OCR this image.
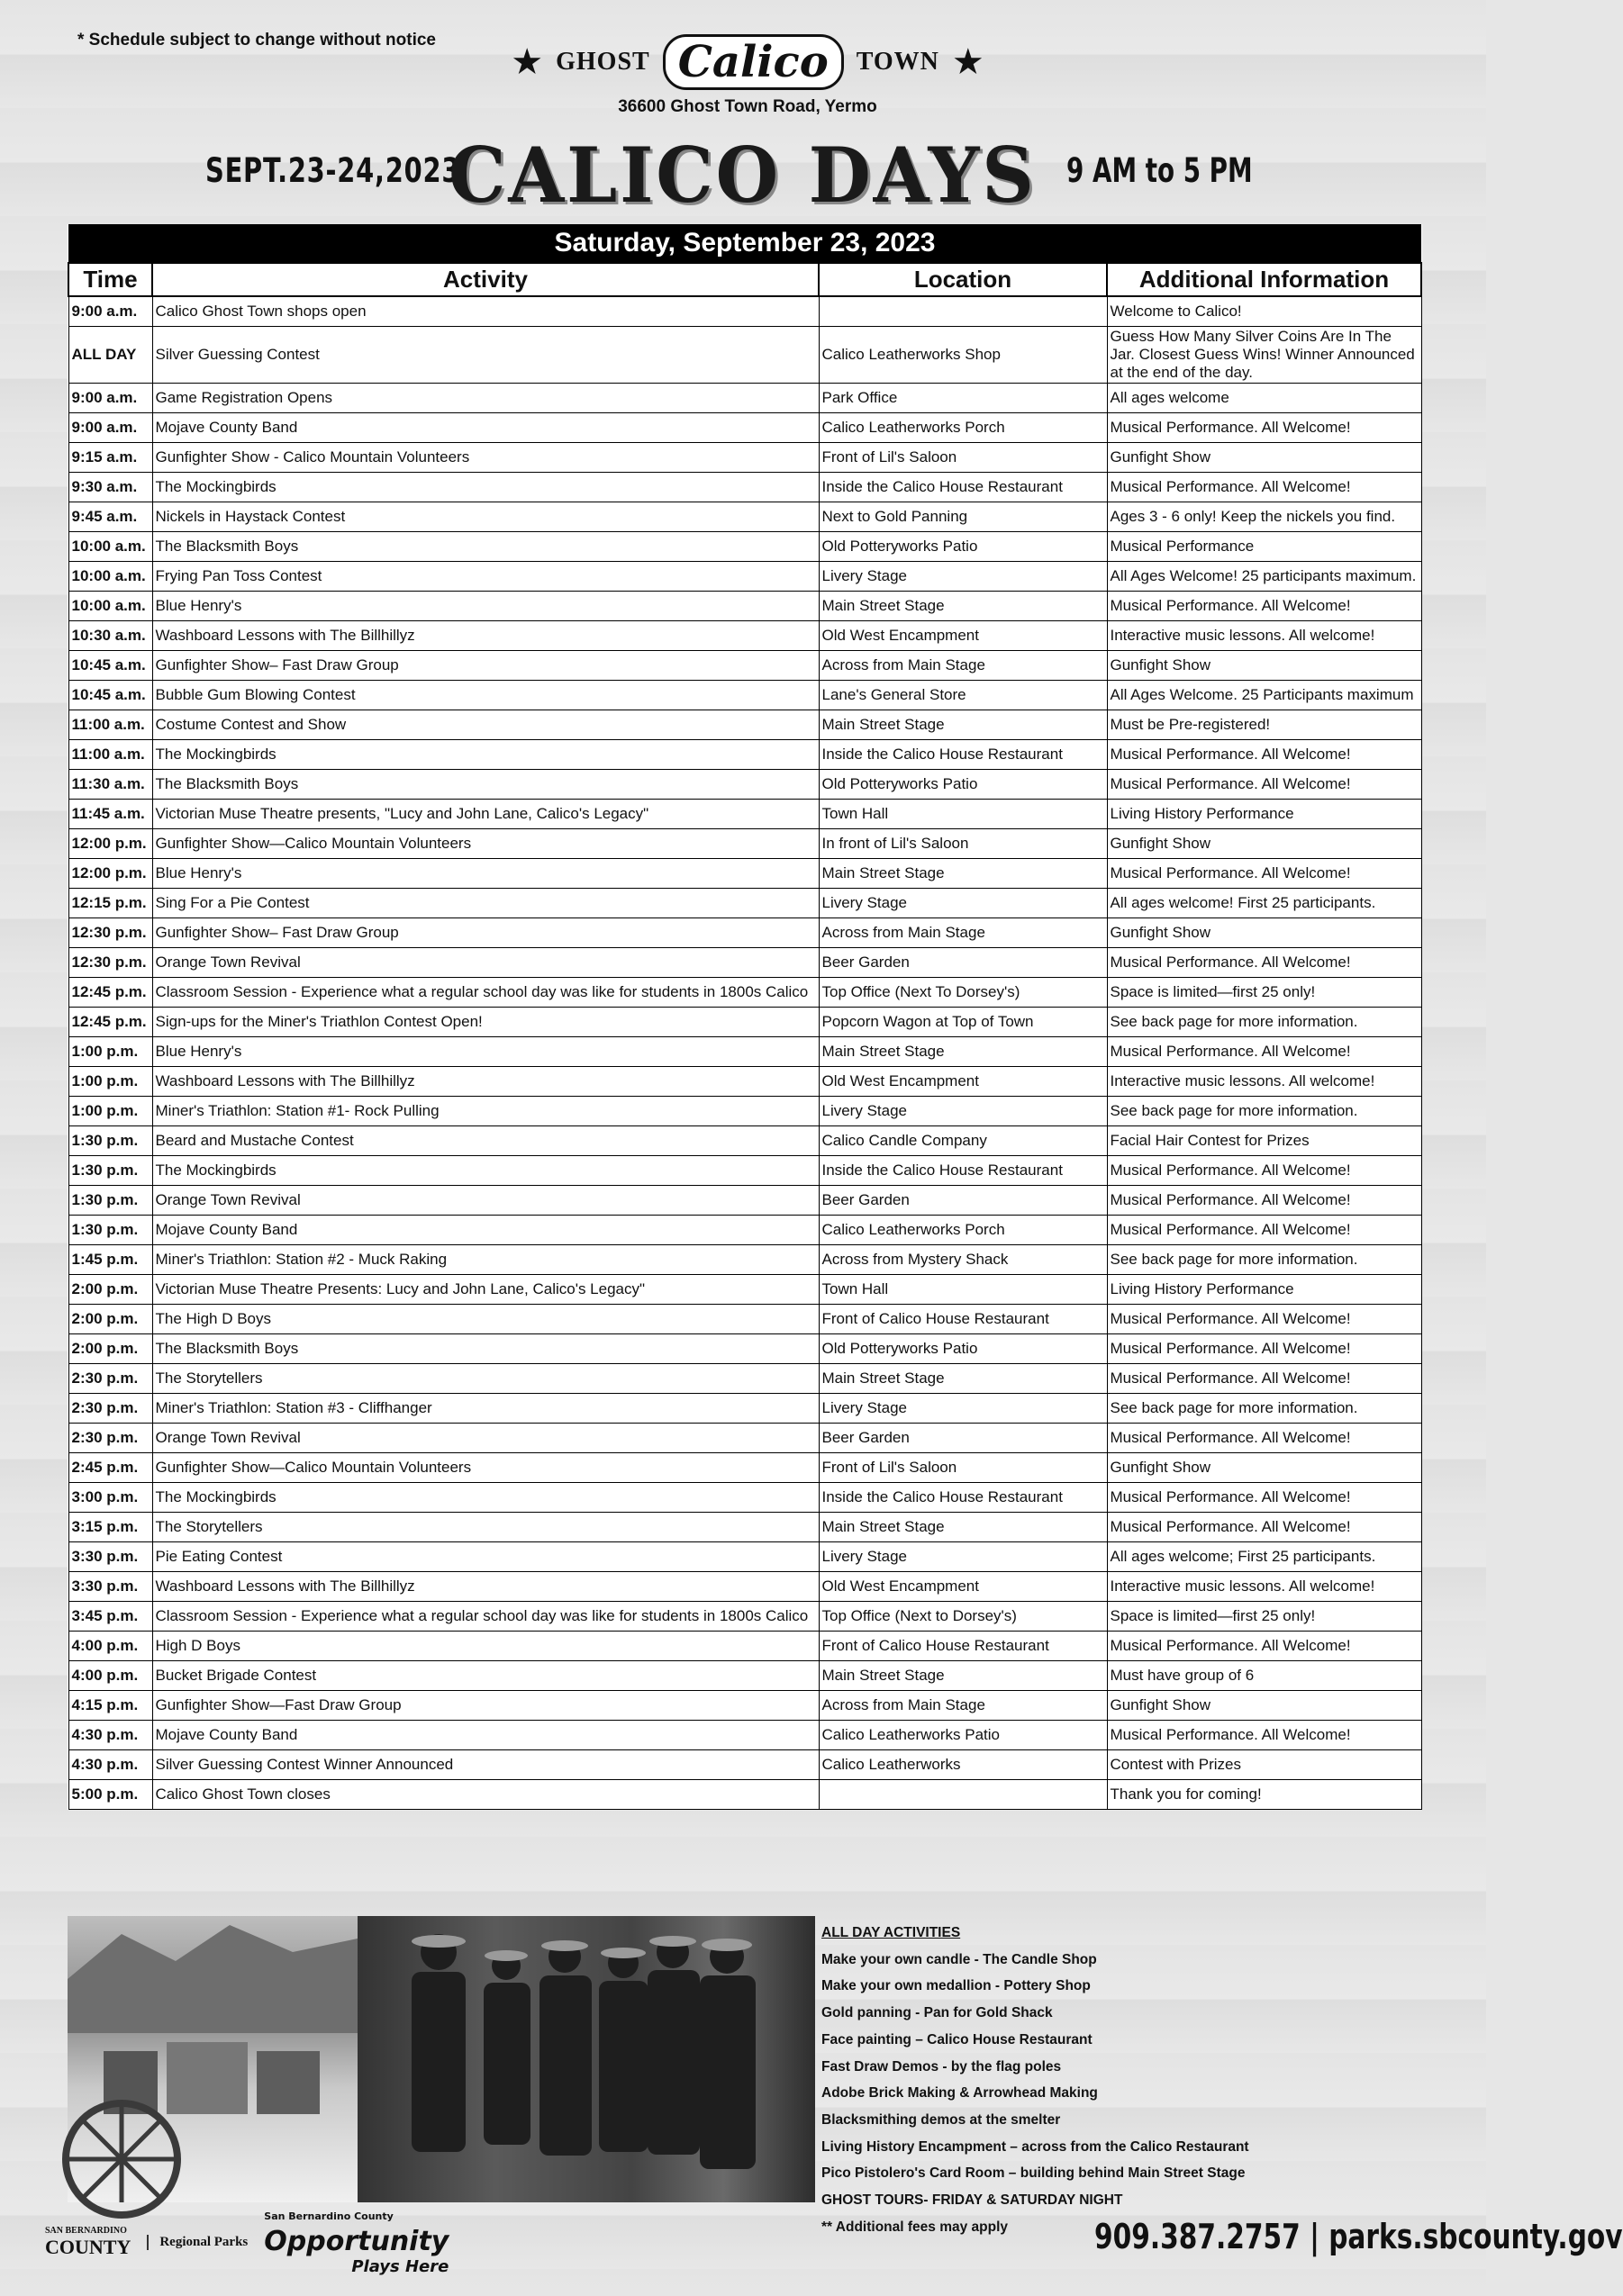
* Schedule subject to change without notice
★ GHOST Calico	TOWN ★
36600 Ghost Town Road, Yermo
SEPT.23-24,2023
CALICO DAYS 9 AM to 5 PM
Saturday, September 23, 2023			
Time	Activity	Location	Additional Information
9:00 a.m.	Calico Ghost Town shops open		Welcome to Calico!
ALL DAY	Silver Guessing Contest	Calico Leatherworks Shop	Guess How Many Silver Coins Are In The Jar. Closest Guess Wins! Winner Announced at the end of the day.
9:00 a.m.	Game Registration Opens	Park Office	All ages welcome
9:00 a.m.	Mojave County Band	Calico Leatherworks Porch	Musical Performance. All Welcome!
9:15 a.m.	Gunfighter Show - Calico Mountain Volunteers	Front of Lil's Saloon	Gunfight Show
9:30 a.m.	The Mockingbirds	Inside the Calico House Restaurant	Musical Performance. All Welcome!
9:45 a.m.	Nickels in Haystack Contest	Next to Gold Panning	Ages 3 - 6 only! Keep the nickels you find.
10:00 a.m.	The Blacksmith Boys	Old Potteryworks Patio	Musical Performance
10:00 a.m.	Frying Pan Toss Contest	Livery Stage	All Ages Welcome! 25 participants maximum.
10:00 a.m.	Blue Henry's	Main Street Stage	Musical Performance. All Welcome!
10:30 a.m.	Washboard Lessons with The Billhillyz	Old West Encampment	Interactive music lessons. All welcome!
10:45 a.m.	Gunfighter Show– Fast Draw Group	Across from Main Stage	Gunfight Show
10:45 a.m.	Bubble Gum Blowing Contest	Lane's General Store	All Ages Welcome. 25 Participants maximum
11:00 a.m.	Costume Contest and Show	Main Street Stage	Must be Pre-registered!
11:00 a.m.	The Mockingbirds	Inside the Calico House Restaurant	Musical Performance. All Welcome!
11:30 a.m.	The Blacksmith Boys	Old Potteryworks Patio	Musical Performance. All Welcome!
11:45 a.m.	Victorian Muse Theatre presents, "Lucy and John Lane, Calico's Legacy"	Town Hall	Living History Performance
12:00 p.m.	Gunfighter Show—Calico Mountain Volunteers	In front of Lil's Saloon	Gunfight Show
12:00 p.m.	Blue Henry's	Main Street Stage	Musical Performance. All Welcome!
12:15 p.m.	Sing For a Pie Contest	Livery Stage	All ages welcome! First 25 participants.
12:30 p.m.	Gunfighter Show– Fast Draw Group	Across from Main Stage	Gunfight Show
12:30 p.m.	Orange Town Revival	Beer Garden	Musical Performance. All Welcome!
12:45 p.m.	Classroom Session - Experience what a regular school day was like for students in 1800s Calico	Top Office (Next To Dorsey's)	Space is limited—first 25 only!
12:45 p.m.	Sign-ups for the Miner's Triathlon Contest Open!	Popcorn Wagon at Top of Town	See back page for more information.
1:00 p.m.	Blue Henry's	Main Street Stage	Musical Performance. All Welcome!
1:00 p.m.	Washboard Lessons with The Billhillyz	Old West Encampment	Interactive music lessons. All welcome!
1:00 p.m.	Miner's Triathlon: Station #1- Rock Pulling	Livery Stage	See back page for more information.
1:30 p.m.	Beard and Mustache Contest	Calico Candle Company	Facial Hair Contest for Prizes
1:30 p.m.	The Mockingbirds	Inside the Calico House Restaurant	Musical Performance. All Welcome!
1:30 p.m.	Orange Town Revival	Beer Garden	Musical Performance. All Welcome!
1:30 p.m.	Mojave County Band	Calico Leatherworks Porch	Musical Performance. All Welcome!
1:45 p.m.	Miner's Triathlon: Station #2 - Muck Raking	Across from Mystery Shack	See back page for more information.
2:00 p.m.	Victorian Muse Theatre Presents: Lucy and John Lane, Calico's Legacy"	Town Hall	Living History Performance
2:00 p.m.	The High D Boys	Front of Calico House Restaurant	Musical Performance. All Welcome!
2:00 p.m.	The Blacksmith Boys	Old Potteryworks Patio	Musical Performance. All Welcome!
2:30 p.m.	The Storytellers	Main Street Stage	Musical Performance. All Welcome!
2:30 p.m.	Miner's Triathlon: Station #3 - Cliffhanger	Livery Stage	See back page for more information.
2:30 p.m.	Orange Town Revival	Beer Garden	Musical Performance. All Welcome!
2:45 p.m.	Gunfighter Show—Calico Mountain Volunteers	Front of Lil's Saloon	Gunfight Show
3:00 p.m.	The Mockingbirds	Inside the Calico House Restaurant	Musical Performance. All Welcome!
3:15 p.m.	The Storytellers	Main Street Stage	Musical Performance. All Welcome!
3:30 p.m.	Pie Eating Contest	Livery Stage	All ages welcome; First 25 participants.
3:30 p.m.	Washboard Lessons with The Billhillyz	Old West Encampment	Interactive music lessons. All welcome!
3:45 p.m.	Classroom Session - Experience what a regular school day was like for students in 1800s Calico	Top Office (Next to Dorsey's)	Space is limited—first 25 only!
4:00 p.m.	High D Boys	Front of Calico House Restaurant	Musical Performance. All Welcome!
4:00 p.m.	Bucket Brigade Contest	Main Street Stage	Must have group of 6
4:15 p.m.	Gunfighter Show—Fast Draw Group	Across from Main Stage	Gunfight Show
4:30 p.m.	Mojave County Band	Calico Leatherworks Patio	Musical Performance. All Welcome!
4:30 p.m.	Silver Guessing Contest Winner Announced	Calico Leatherworks	Contest with Prizes
5:00 p.m.	Calico Ghost Town closes		Thank you for coming!
ALL DAY ACTIVITIES
Make your own candle - The Candle Shop
Make your own medallion - Pottery Shop
Gold panning - Pan for Gold Shack
Face painting – Calico House Restaurant
Fast Draw Demos - by the flag poles
Adobe Brick Making & Arrowhead Making
Blacksmithing demos at the smelter
Living History Encampment – across from the Calico Restaurant
Pico Pistolero's Card Room – building behind Main Street Stage
GHOST TOURS- FRIDAY & SATURDAY NIGHT
** Additional fees may apply
SAN BERNARDINO
COUNTY	Regional Parks
San Bernardino County
Opportunity
Plays Here
909.387.2757 | parks.sbcounty.gov
